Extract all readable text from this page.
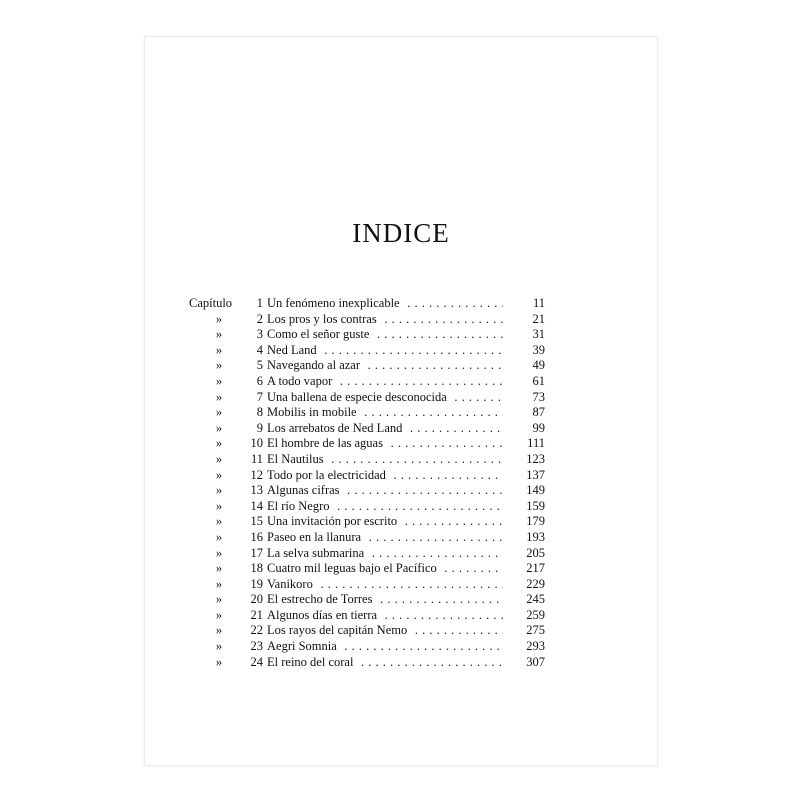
INDICE
Capítulo	1 Un fenómeno inexplicable . . .	11
»	2 Los pros y los contras . . .	21
»	3 Como el señor guste . . .	31
»	4 Ned Land . . .	39
»	5 Navegando al azar . . .	49
»	6 A todo vapor . . .	61
»	7 Una ballena de especie desconocida . . .	73
»	8 Mobilis in mobile . . .	87
»	9 Los arrebatos de Ned Land . . .	99
»	10 El hombre de las aguas . . .	111
»	11 El Nautilus . . .	123
»	12 Todo por la electricidad . . .	137
»	13 Algunas cifras . . .	149
»	14 El río Negro . . .	159
»	15 Una invitación por escrito . . .	179
»	16 Paseo en la llanura . . .	193
»	17 La selva submarina . . .	205
»	18 Cuatro mil leguas bajo el Pacífico . . .	217
»	19 Vanikoro . . .	229
»	20 El estrecho de Torres . . .	245
»	21 Algunos días en tierra . . .	259
»	22 Los rayos del capitán Nemo . . .	275
»	23 Aegri Somnia . . .	293
»	24 El reino del coral . . .	307
